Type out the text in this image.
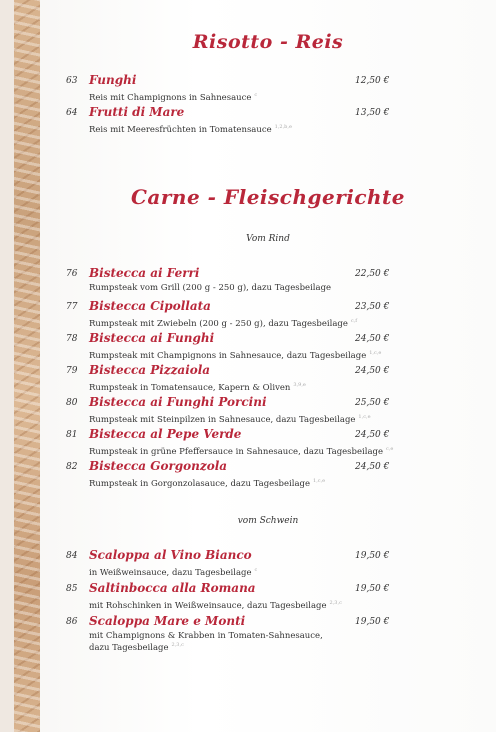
Risotto - Reis
63 Funghi	12,50 €
Reis mit Champignons in Sahnesauce $^c$
64 Frutti di Mare	13,50 €
Reis mit Meeresfrüchten in Tomatensauce $^{1,2,b,e}$
Carne - Fleischgerichte
Vom Rind
76 Bistecca ai Ferri	22,50 €
Rumpsteak vom Grill (200 g - 250 g), dazu Tagesbeilage
77 Bistecca Cipollata	23,50 €
Rumpsteak mit Zwiebeln (200 g - 250 g), dazu Tagesbeilage $^{c,f}$
78 Bistecca ai Funghi	24,50 €
Rumpsteak mit Champignons in Sahnesauce, dazu Tagesbeilage $^{1,c,e}$
79 Bistecca Pizzaiola	24,50 €
Rumpsteak in Tomatensauce, Kapern & Oliven $^{3,9,e}$
80 Bistecca ai Funghi Porcini	25,50 €
Rumpsteak mit Steinpilzen in Sahnesauce, dazu Tagesbeilage $^{1,c,e}$
81 Bistecca al Pepe Verde	24,50 €
Rumpsteak in grüne Pfeffersauce in Sahnesauce, dazu Tagesbeilage $^{c,e}$
82 Bistecca Gorgonzola	24,50 €
Rumpsteak in Gorgonzolasauce, dazu Tagesbeilage $^{1,c,e}$
vom Schwein
84 Scaloppa al Vino Bianco	19,50 €
in Weißweinsauce, dazu Tagesbeilage $^c$
85 Saltinbocca alla Romana	19,50 €
mit Rohschinken in Weißweinsauce, dazu Tagesbeilage $^{2,3,c}$
86 Scaloppa Mare e Monti	19,50 €
mit Champignons & Krabben in Tomaten-Sahnesauce,
dazu Tagesbeilage $^{2,3,c}$
